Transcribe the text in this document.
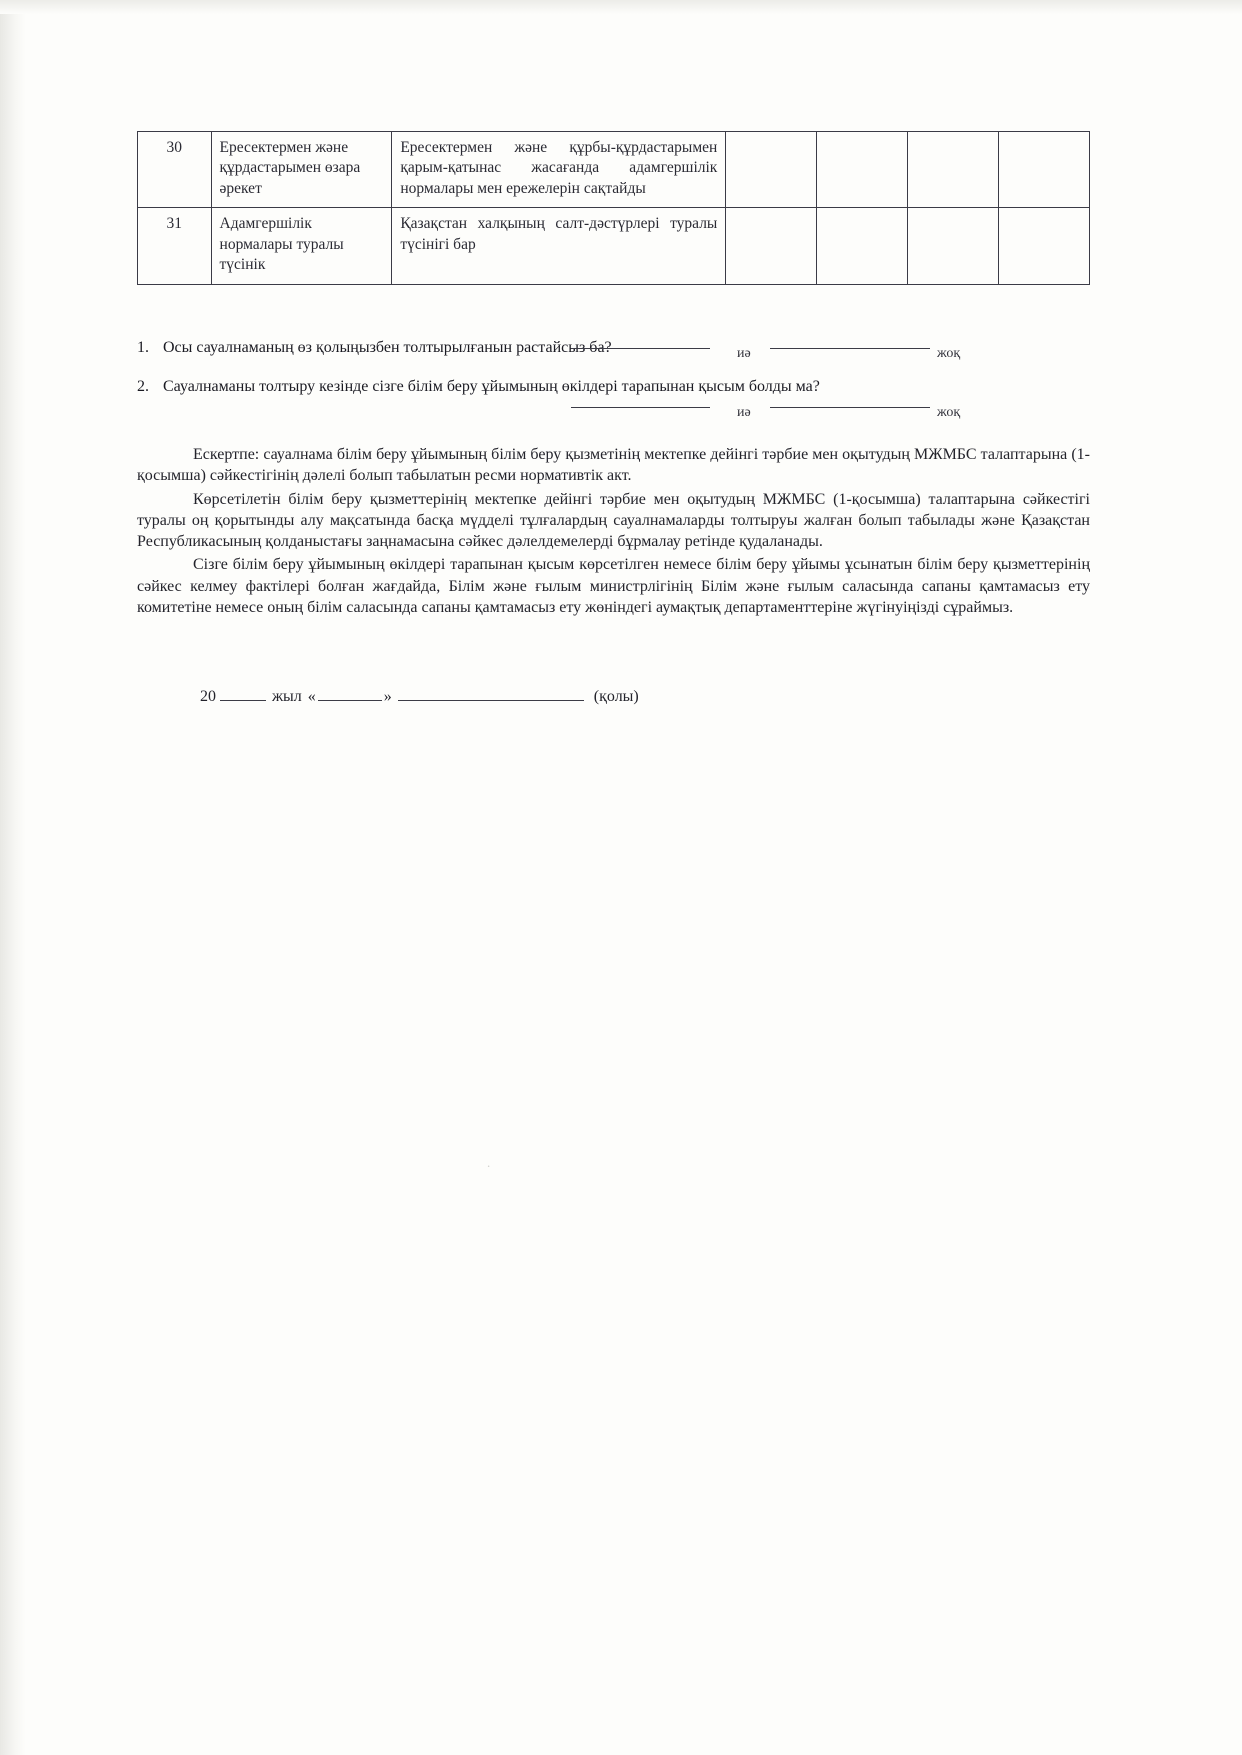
30	Ересектермен және құрдастарымен өзара әрекет	Ересектермен және құрбы-құрдастарымен қарым-қатынас жасағанда адамгершілік нормалары мен ережелерін сақтайды				
31	Адамгершілік нормалары туралы түсінік	Қазақстан халқының салт-дәстүрлері туралы түсінігі бар				
1. Осы сауалнаманың өз қолыңызбен толтырылғанын растайсыз ба?	иә	жоқ
2. Сауалнаманы толтыру кезінде сізге білім беру ұйымының өкілдері тарапынан қысым болды ма?
иә	жоқ

Ескертпе: сауалнама білім беру ұйымының білім беру қызметінің мектепке дейінгі тәрбие мен оқытудың МЖМБС талаптарына (1-қосымша) сәйкестігінің дәлелі болып табылатын ресми нормативтік акт.

Көрсетілетін білім беру қызметтерінің мектепке дейінгі тәрбие мен оқытудың МЖМБС (1-қосымша) талаптарына сәйкестігі туралы оң қорытынды алу мақсатында басқа мүдделі тұлғалардың сауалнамаларды толтыруы жалған болып табылады және Қазақстан Республикасының қолданыстағы заңнамасына сәйкес дәлелдемелерді бұрмалау ретінде қудаланады.

Сізге білім беру ұйымының өкілдері тарапынан қысым көрсетілген немесе білім беру ұйымы ұсынатын білім беру қызметтерінің сәйкес келмеу фактілері болған жағдайда, Білім және ғылым министрлігінің Білім және ғылым саласында сапаны қамтамасыз ету комитетіне немесе оның білім саласында сапаны қамтамасыз ету жөніндегі аумақтық департаменттеріне жүгінуіңізді сұраймыз.

20	жыл «	»	(қолы)
.
